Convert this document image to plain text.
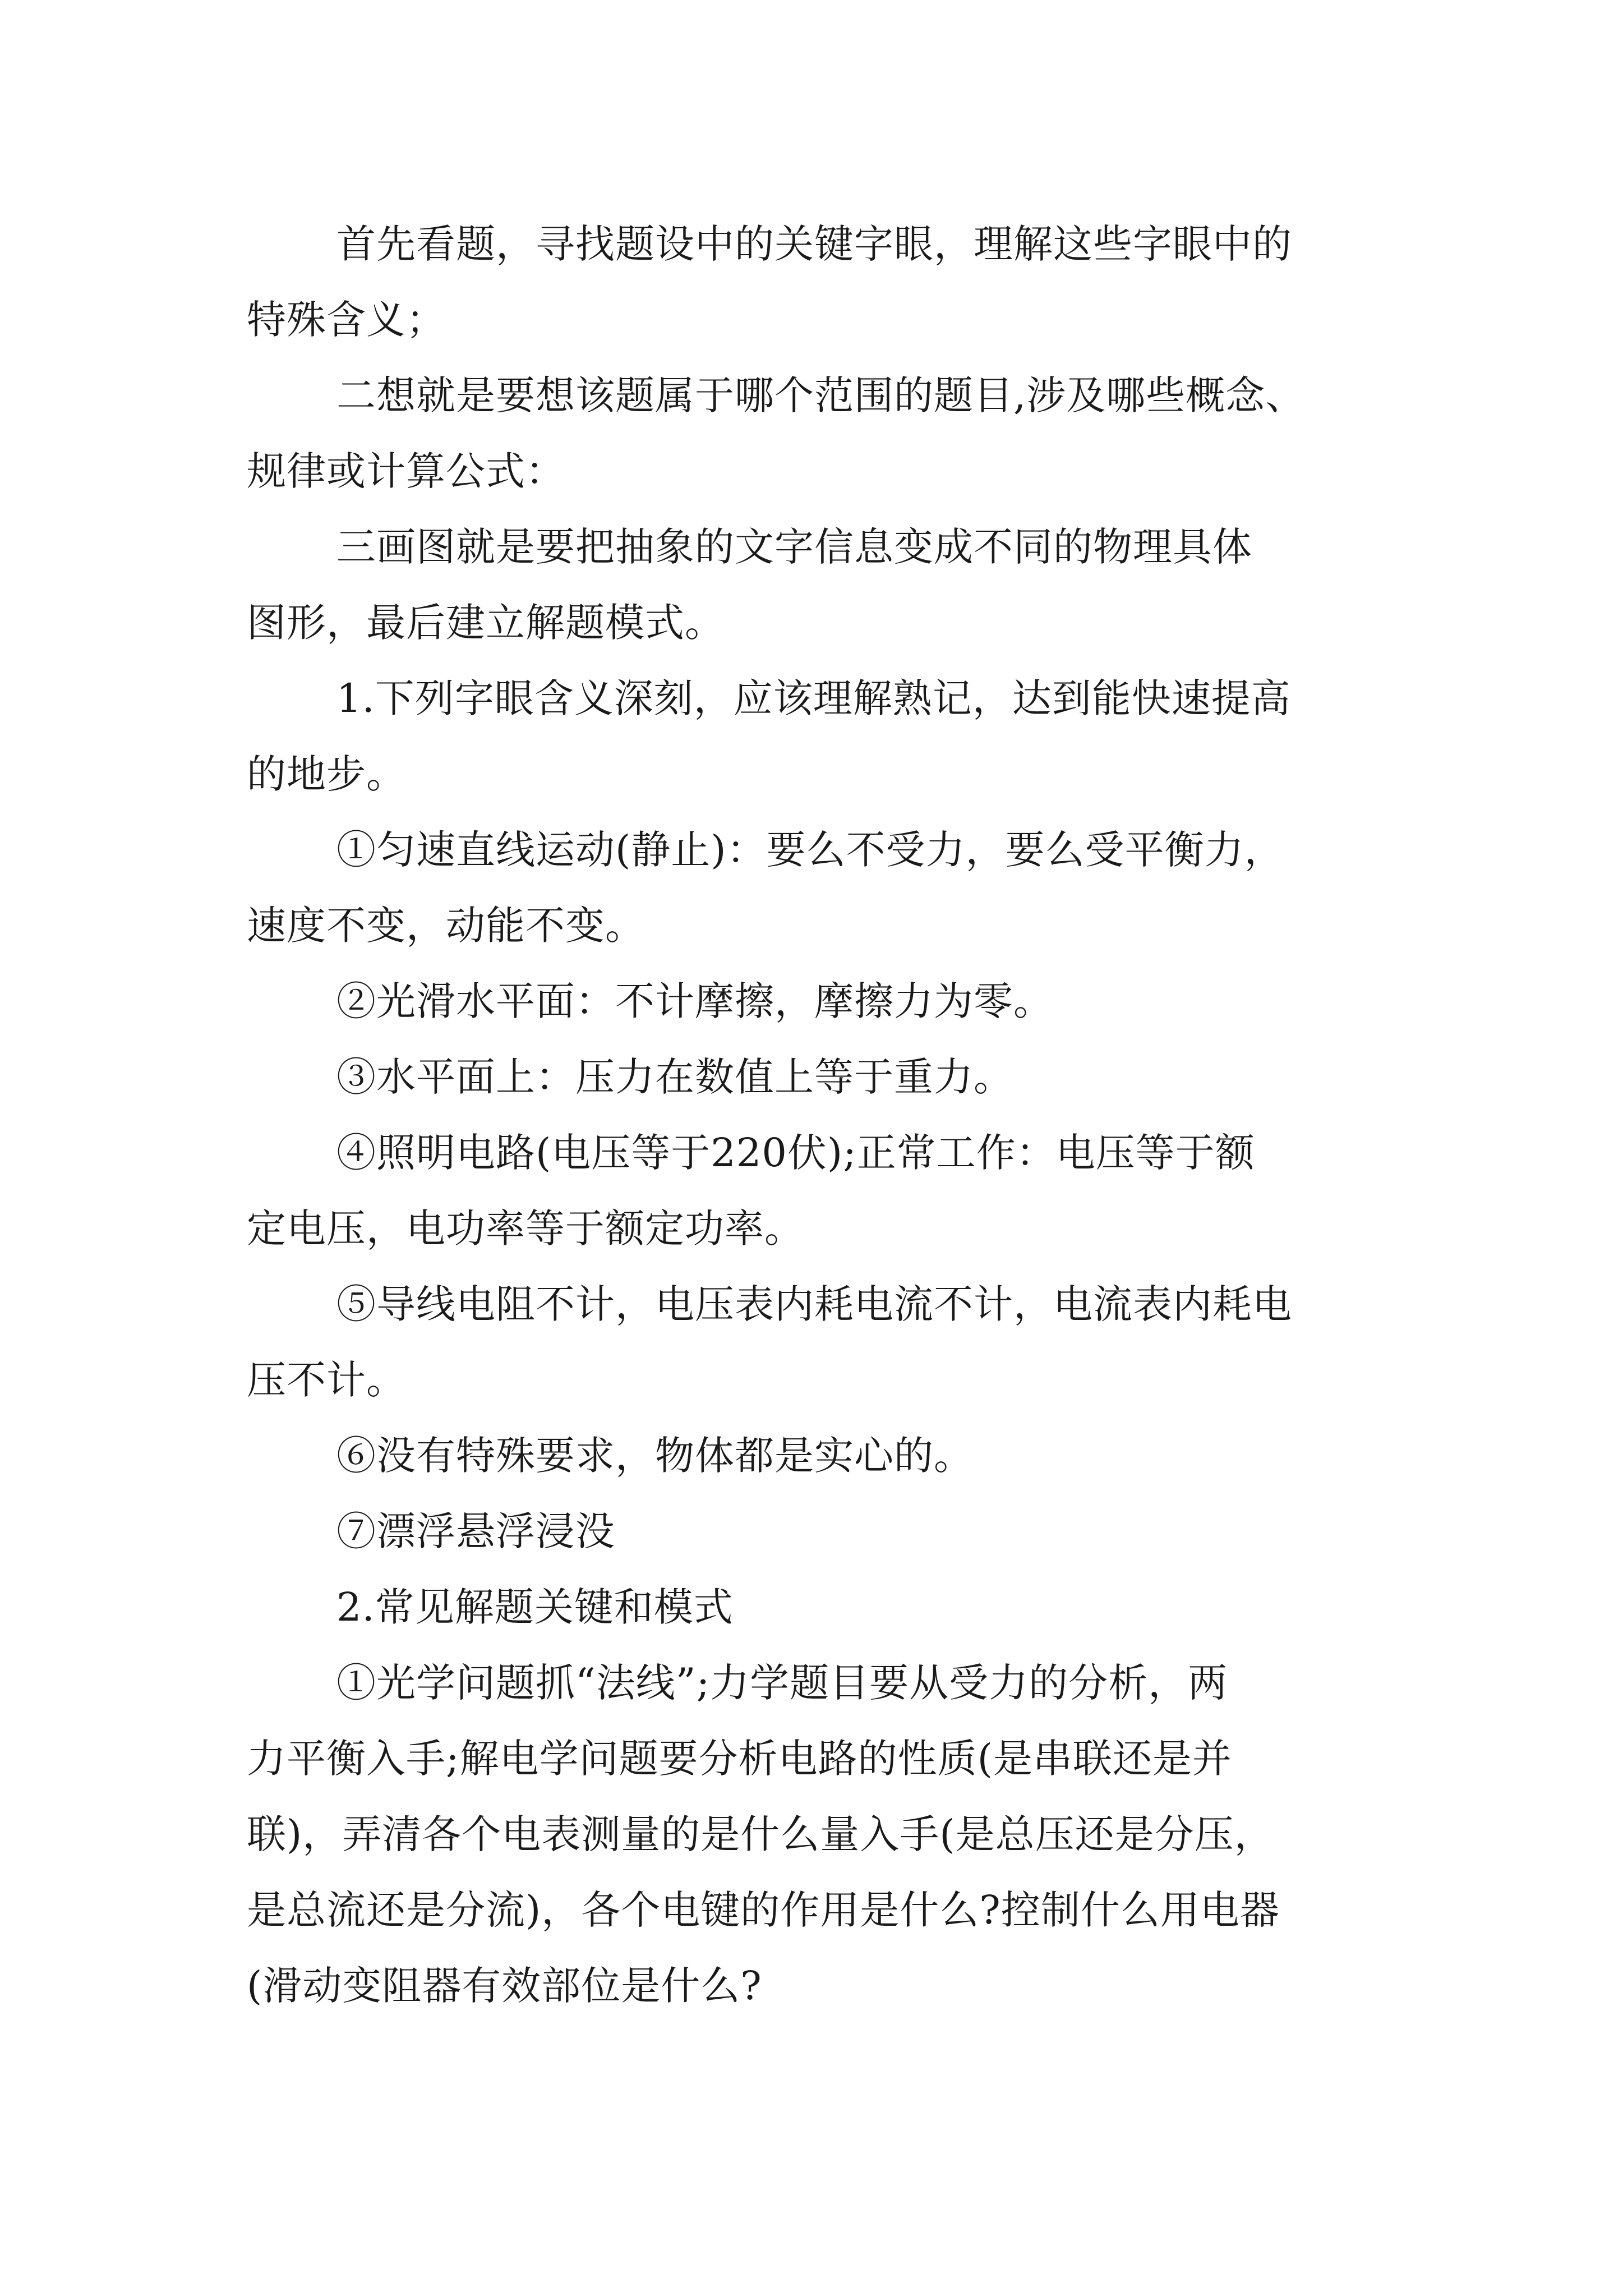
首先看题，寻找题设中的关键字眼，理解这些字眼中的
特殊含义；
二想就是要想该题属于哪个范围的题目,涉及哪些概念、
规律或计算公式：
三画图就是要把抽象的文字信息变成不同的物理具体
图形，最后建立解题模式。
1.下列字眼含义深刻，应该理解熟记，达到能快速提高
的地步。
①匀速直线运动(静止)：要么不受力，要么受平衡力，
速度不变，动能不变。
②光滑水平面：不计摩擦，摩擦力为零。
③水平面上：压力在数值上等于重力。
④照明电路(电压等于220伏);正常工作：电压等于额
定电压，电功率等于额定功率。
⑤导线电阻不计，电压表内耗电流不计，电流表内耗电
压不计。
⑥没有特殊要求，物体都是实心的。
⑦漂浮悬浮浸没
2.常见解题关键和模式
①光学问题抓“法线”;力学题目要从受力的分析，两
力平衡入手;解电学问题要分析电路的性质(是串联还是并
联)，弄清各个电表测量的是什么量入手(是总压还是分压，
是总流还是分流)，各个电键的作用是什么?控制什么用电器
(滑动变阻器有效部位是什么?
